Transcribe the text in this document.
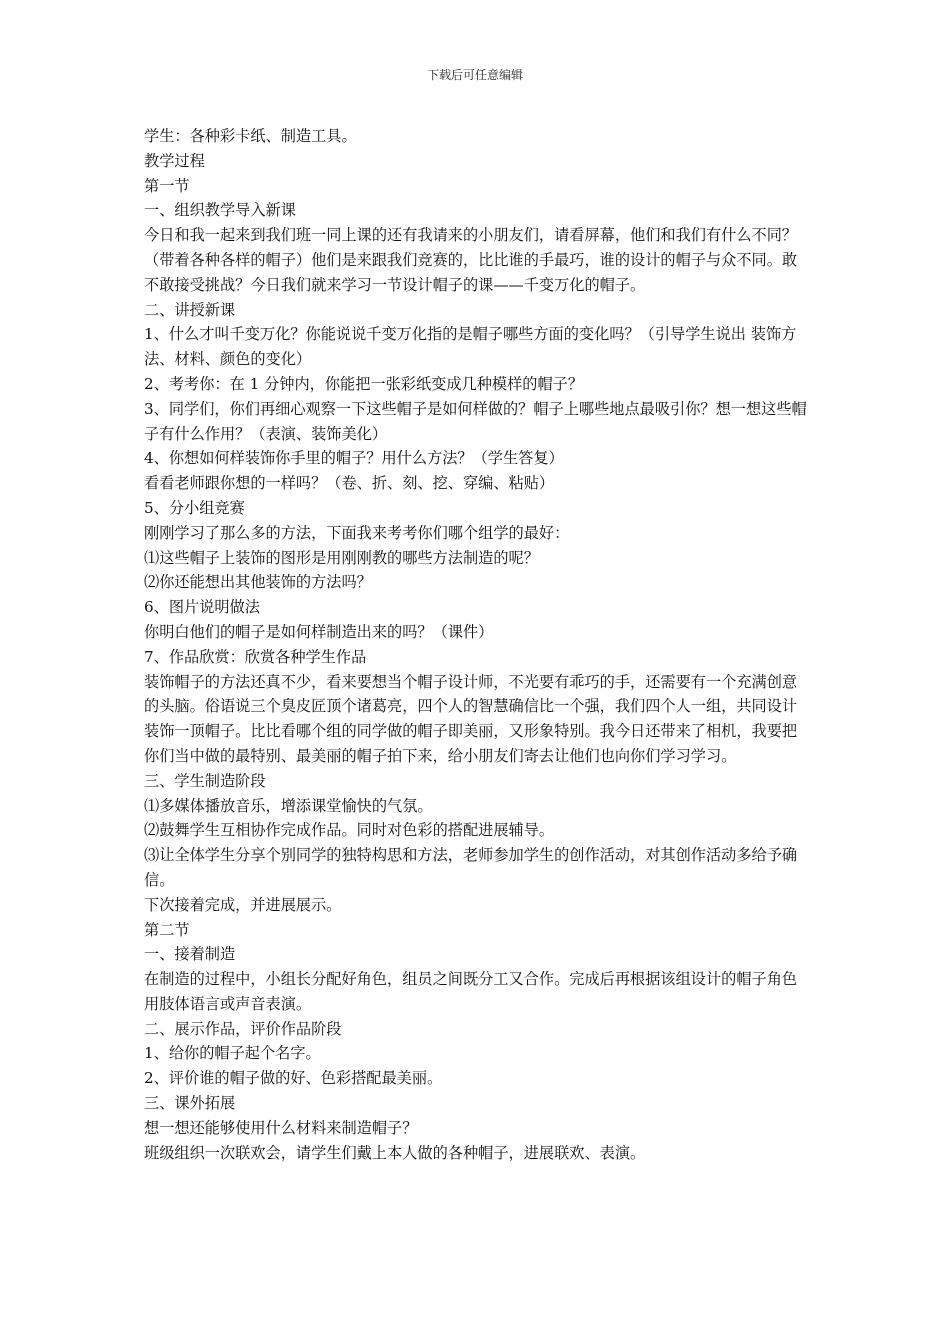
下载后可任意编辑

学生：各种彩卡纸、制造工具。

教学过程

第一节

一、组织教学导入新课

今日和我一起来到我们班一同上课的还有我请来的小朋友们，请看屏幕，他们和我们有什么不同？（带着各种各样的帽子）他们是来跟我们竞赛的，比比谁的手最巧，谁的设计的帽子与众不同。敢不敢接受挑战？今日我们就来学习一节设计帽子的课——千变万化的帽子。

二、讲授新课

1、什么才叫千变万化？你能说说千变万化指的是帽子哪些方面的变化吗？（引导学生说出 装饰方法、材料、颜色的变化）

2、考考你：在 1 分钟内，你能把一张彩纸变成几种模样的帽子？

3、同学们，你们再细心观察一下这些帽子是如何样做的？帽子上哪些地点最吸引你？想一想这些帽子有什么作用？（表演、装饰美化）

4、你想如何样装饰你手里的帽子？用什么方法？（学生答复）

看看老师跟你想的一样吗？（卷、折、刻、挖、穿编、粘贴）

5、分小组竞赛

刚刚学习了那么多的方法，下面我来考考你们哪个组学的最好：

⑴这些帽子上装饰的图形是用刚刚教的哪些方法制造的呢？

⑵你还能想出其他装饰的方法吗？

6、图片说明做法

你明白他们的帽子是如何样制造出来的吗？（课件）

7、作品欣赏：欣赏各种学生作品

装饰帽子的方法还真不少，看来要想当个帽子设计师，不光要有乖巧的手，还需要有一个充满创意的头脑。俗语说三个臭皮匠顶个诸葛亮，四个人的智慧确信比一个强，我们四个人一组，共同设计装饰一顶帽子。比比看哪个组的同学做的帽子即美丽，又形象特别。我今日还带来了相机，我要把你们当中做的最特别、最美丽的帽子拍下来，给小朋友们寄去让他们也向你们学习学习。

三、学生制造阶段

⑴多媒体播放音乐，增添课堂愉快的气氛。

⑵鼓舞学生互相协作完成作品。同时对色彩的搭配进展辅导。

⑶让全体学生分享个别同学的独特构思和方法，老师参加学生的创作活动，对其创作活动多给予确信。

下次接着完成，并进展展示。

第二节

一、接着制造

在制造的过程中，小组长分配好角色，组员之间既分工又合作。完成后再根据该组设计的帽子角色用肢体语言或声音表演。

二、展示作品，评价作品阶段

1、给你的帽子起个名字。

2、评价谁的帽子做的好、色彩搭配最美丽。

三、课外拓展

想一想还能够使用什么材料来制造帽子？

班级组织一次联欢会，请学生们戴上本人做的各种帽子，进展联欢、表演。
